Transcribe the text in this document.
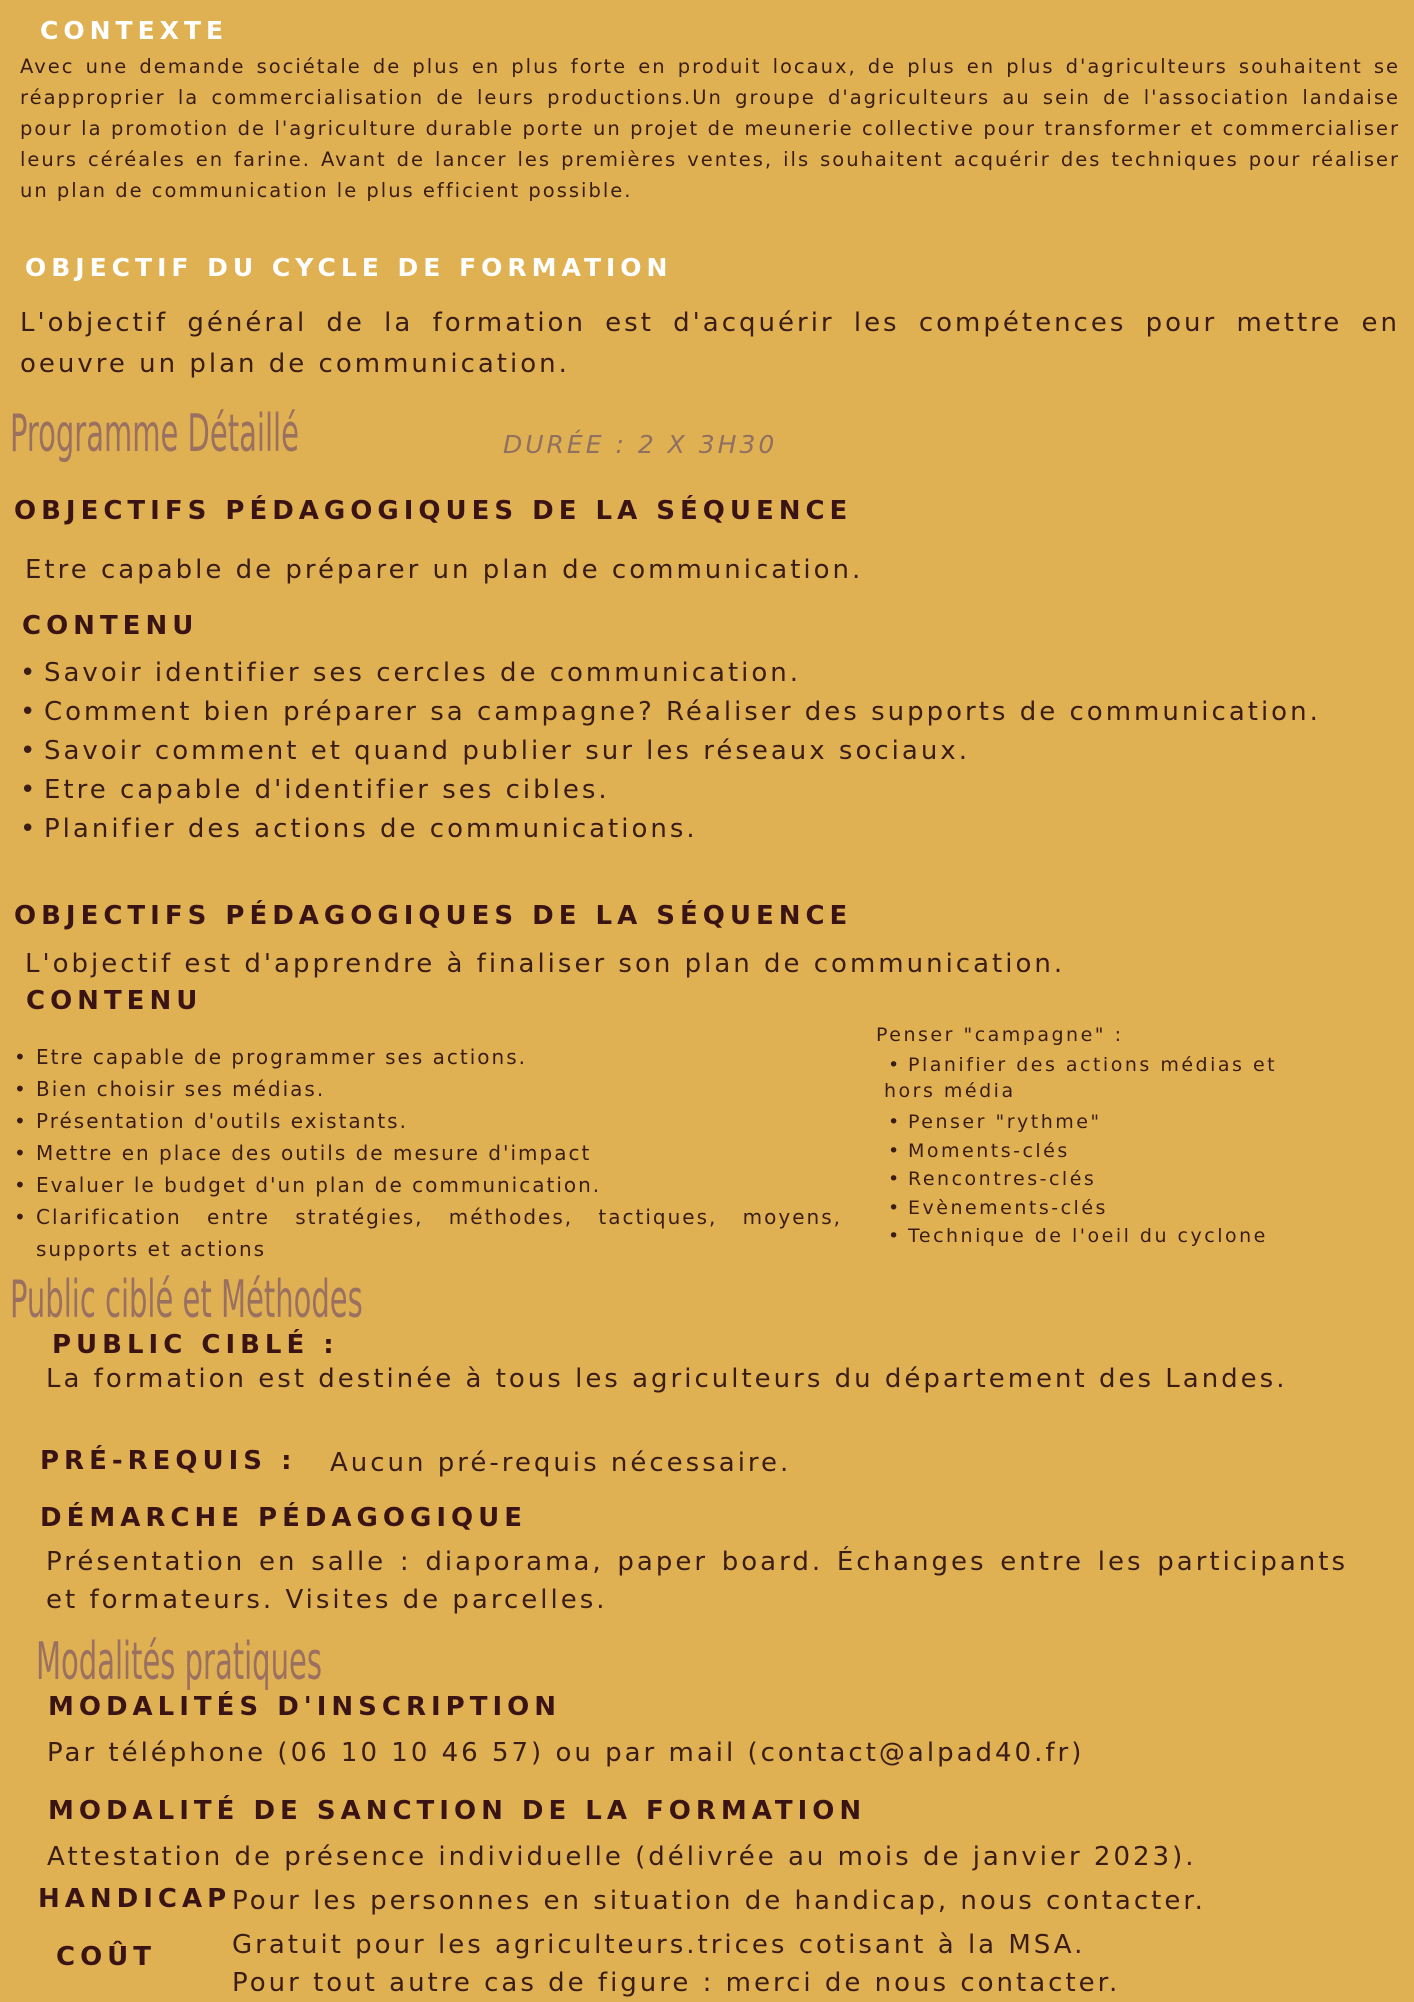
CONTEXTE
Avec une demande sociétale de plus en plus forte en produit locaux, de plus en plus d'agriculteurs souhaitent se réapproprier la commercialisation de leurs productions.Un groupe d'agriculteurs au sein de l'association landaise pour la promotion de l'agriculture durable porte un projet de meunerie collective pour transformer et commercialiser leurs céréales en farine. Avant de lancer les premières ventes, ils souhaitent acquérir des techniques pour réaliser un plan de communication le plus efficient possible.
OBJECTIF DU CYCLE DE FORMATION
L'objectif général de la formation est d'acquérir les compétences pour mettre en oeuvre un plan de communication.
Programme Détaillé	DURÉE : 2 X 3H30
OBJECTIFS PÉDAGOGIQUES DE LA SÉQUENCE
Etre capable de préparer un plan de communication.
CONTENU
• Savoir identifier ses cercles de communication.
• Comment bien préparer sa campagne? Réaliser des supports de communication.
• Savoir comment et quand publier sur les réseaux sociaux.
• Etre capable d'identifier ses cibles.
• Planifier des actions de communications.
OBJECTIFS PÉDAGOGIQUES DE LA SÉQUENCE
L'objectif est d'apprendre à finaliser son plan de communication.
CONTENU
• Etre capable de programmer ses actions.
• Bien choisir ses médias.
• Présentation d'outils existants.
• Mettre en place des outils de mesure d'impact
• Evaluer le budget d'un plan de communication.
• Clarification entre stratégies, méthodes, tactiques, moyens, supports et actions
Penser "campagne" :
• Planifier des actions médias et
hors média
• Penser "rythme"
• Moments-clés
• Rencontres-clés
• Evènements-clés
• Technique de l'oeil du cyclone
Public ciblé et Méthodes
PUBLIC CIBLÉ :
La formation est destinée à tous les agriculteurs du département des Landes.
PRÉ-REQUIS : Aucun pré-requis nécessaire.
DÉMARCHE PÉDAGOGIQUE
Présentation en salle : diaporama, paper board. Échanges entre les participants et formateurs. Visites de parcelles.
Modalités pratiques
MODALITÉS D'INSCRIPTION
Par téléphone (06 10 10 46 57) ou par mail (contact@alpad40.fr)
MODALITÉ DE SANCTION DE LA FORMATION
Attestation de présence individuelle (délivrée au mois de janvier 2023).
HANDICAP Pour les personnes en situation de handicap, nous contacter.
COÛT	Gratuit pour les agriculteurs.trices cotisant à la MSA.
Pour tout autre cas de figure : merci de nous contacter.
